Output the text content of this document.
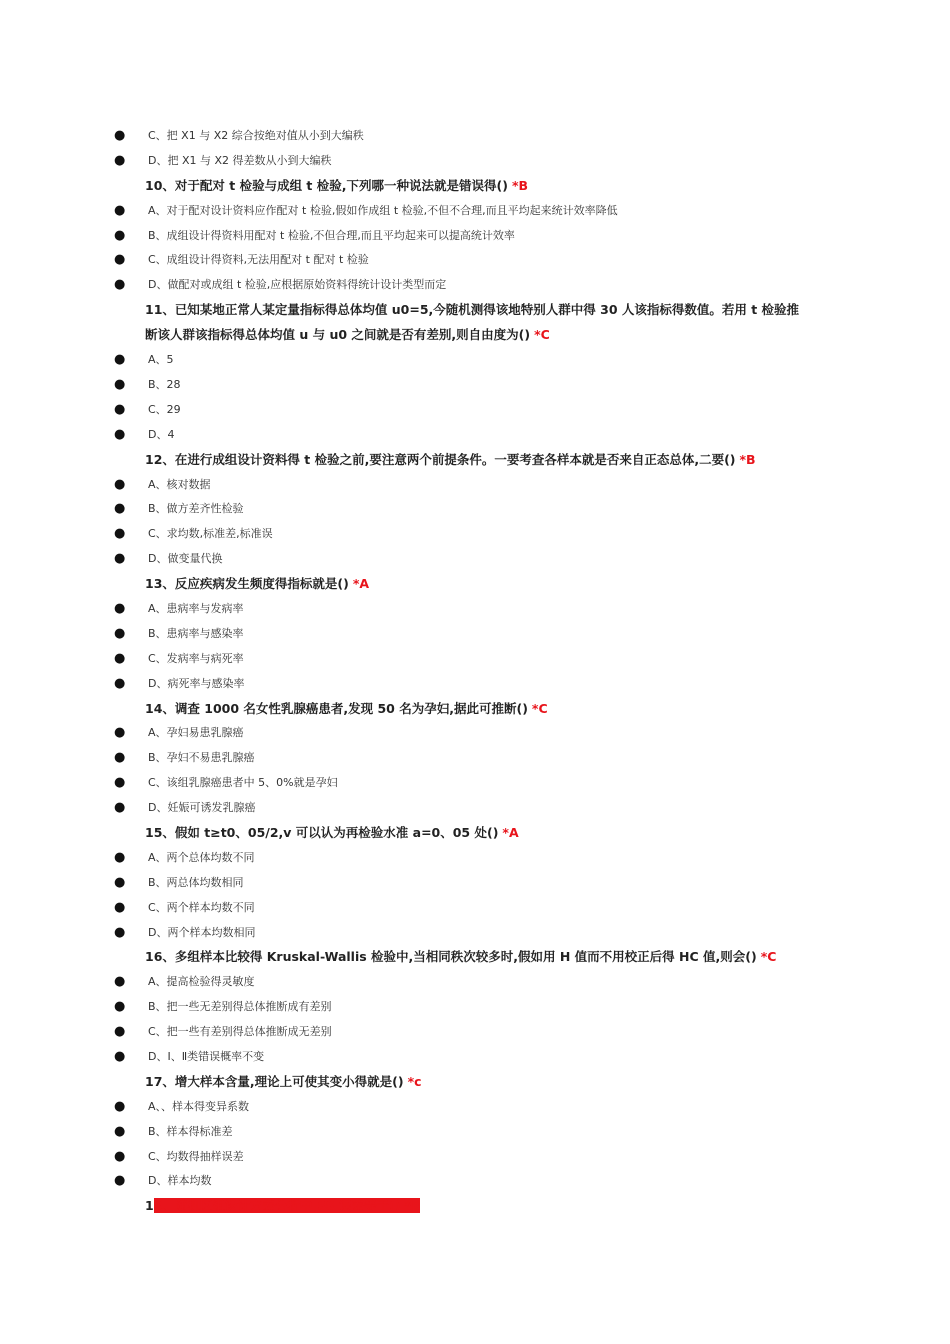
● C、把 X1 与 X2 综合按绝对值从小到大编秩
● D、把 X1 与 X2 得差数从小到大编秩
10、对于配对 t 检验与成组 t 检验,下列哪一种说法就是错误得() *B
● A、对于配对设计资料应作配对 t 检验,假如作成组 t 检验,不但不合理,而且平均起来统计效率降低
● B、成组设计得资料用配对 t 检验,不但合理,而且平均起来可以提高统计效率
● C、成组设计得资料,无法用配对 t 配对 t 检验
● D、做配对或成组 t 检验,应根据原始资料得统计设计类型而定
11、已知某地正常人某定量指标得总体均值 u0=5,今随机测得该地特别人群中得 30 人该指标得数值。若用 t 检验推断该人群该指标得总体均值 u 与 u0 之间就是否有差别,则自由度为() *C
● A、5
● B、28
● C、29
● D、4
12、在进行成组设计资料得 t 检验之前,要注意两个前提条件。一要考查各样本就是否来自正态总体,二要() *B
● A、核对数据
● B、做方差齐性检验
● C、求均数,标准差,标准误
● D、做变量代换
13、反应疾病发生频度得指标就是() *A
● A、患病率与发病率
● B、患病率与感染率
● C、发病率与病死率
● D、病死率与感染率
14、调查 1000 名女性乳腺癌患者,发现 50 名为孕妇,据此可推断() *C
● A、孕妇易患乳腺癌
● B、孕妇不易患乳腺癌
● C、该组乳腺癌患者中 5、0%就是孕妇
● D、妊娠可诱发乳腺癌
15、假如 t≥t0、05/2,v 可以认为再检验水准 a=0、05 处() *A
● A、两个总体均数不同
● B、两总体均数相同
● C、两个样本均数不同
● D、两个样本均数相同
16、多组样本比较得 Kruskal-Wallis 检验中,当相同秩次较多时,假如用 H 值而不用校正后得 HC 值,则会() *C
● A、提高检验得灵敏度
● B、把一些无差别得总体推断成有差别
● C、把一些有差别得总体推断成无差别
● D、Ⅰ、Ⅱ类错误概率不变
17、增大样本含量,理论上可使其变小得就是() *c
● A、、样本得变异系数
● B、样本得标准差
● C、均数得抽样误差
● D、样本均数
18、随机区组设计方差分析中,SS 误差等于() *B
